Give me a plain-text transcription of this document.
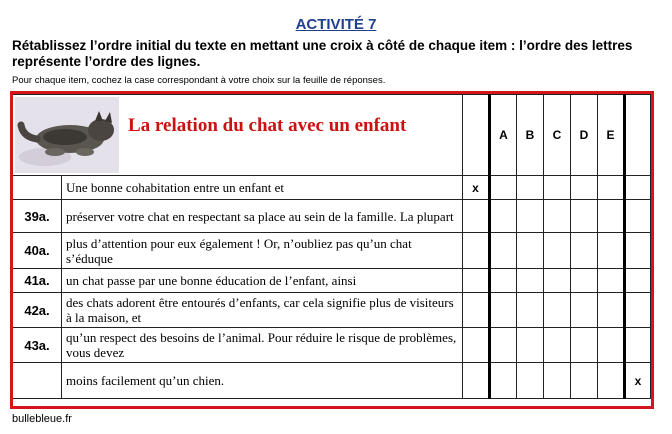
ACTIVITÉ 7
Rétablissez l’ordre initial du texte en mettant une croix à côté de chaque item : l’ordre des lettres représente l’ordre des lignes.
Pour chaque item, cochez la case correspondant à votre choix sur la feuille de réponses.
La relation du chat avec un enfant			A	B	C	D	E	
	Une bonne cohabitation entre un enfant et	x						
39a.	préserver votre chat en respectant sa place au sein de la famille. La plupart							
40a.	plus d’attention pour eux également ! Or, n’oubliez pas qu’un chat s’éduque							
41a.	un chat passe par une bonne éducation de l’enfant, ainsi							
42a.	des chats adorent être entourés d’enfants, car cela signifie plus de visiteurs à la maison, et							
43a.	qu’un respect des besoins de l’animal. Pour réduire le risque de problèmes, vous devez							
	moins facilement qu’un chien.							x
bullebleue.fr
